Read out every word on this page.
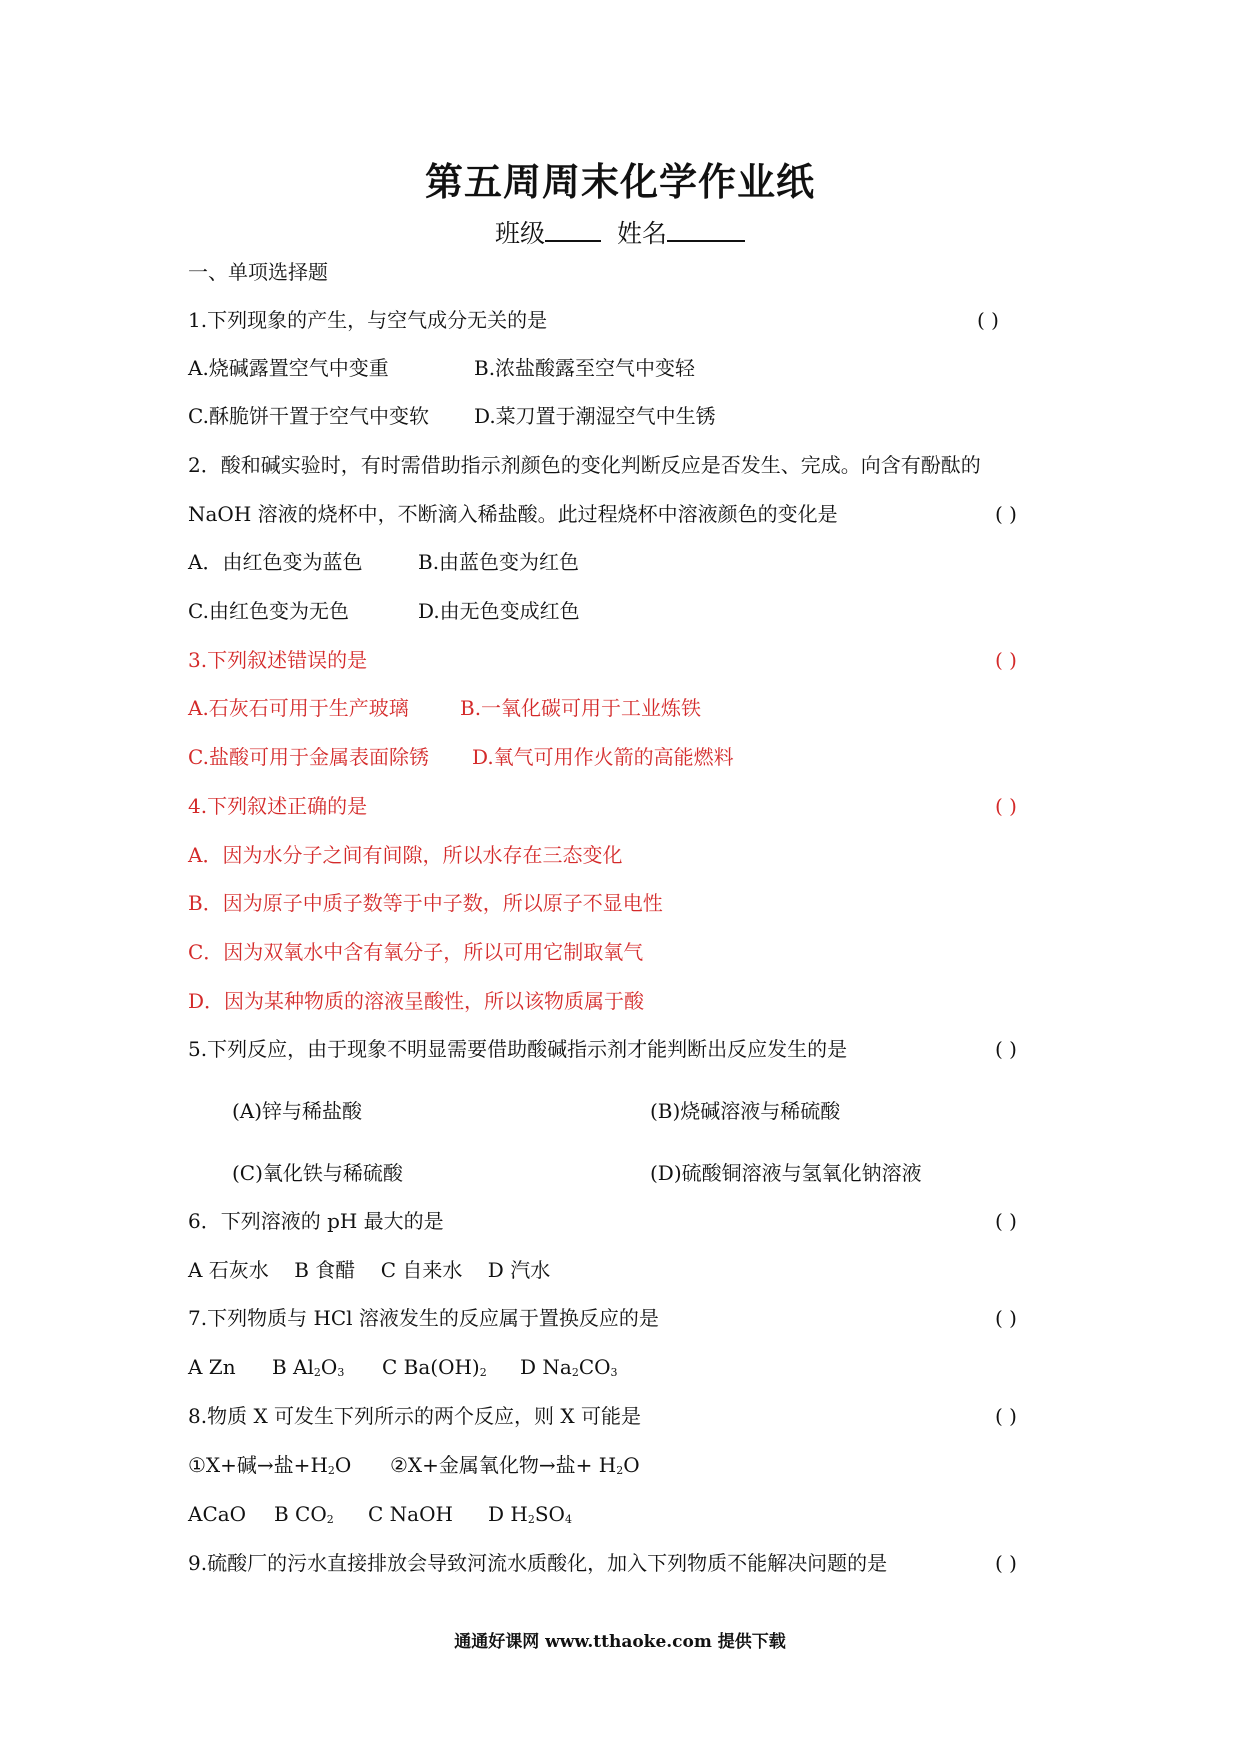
第五周周末化学作业纸
班级	姓名
一、单项选择题
1.下列现象的产生，与空气成分无关的是	( )
A.烧碱露置空气中变重	B.浓盐酸露至空气中变轻
C.酥脆饼干置于空气中变软 D.菜刀置于潮湿空气中生锈
2．酸和碱实验时，有时需借助指示剂颜色的变化判断反应是否发生、完成。向含有酚酞的
NaOH 溶液的烧杯中，不断滴入稀盐酸。此过程烧杯中溶液颜色的变化是	( )
A．由红色变为蓝色	B.由蓝色变为红色
C.由红色变为无色	D.由无色变成红色
3.下列叙述错误的是	( )
A.石灰石可用于生产玻璃	B.一氧化碳可用于工业炼铁
C.盐酸可用于金属表面除锈 D.氧气可用作火箭的高能燃料
4.下列叙述正确的是	( )
A．因为水分子之间有间隙，所以水存在三态变化
B．因为原子中质子数等于中子数，所以原子不显电性
C．因为双氧水中含有氧分子，所以可用它制取氧气
D．因为某种物质的溶液呈酸性，所以该物质属于酸
5.下列反应，由于现象不明显需要借助酸碱指示剂才能判断出反应发生的是	( )
(A)锌与稀盐酸	(B)烧碱溶液与稀硫酸
(C)氧化铁与稀硫酸	(D)硫酸铜溶液与氢氧化钠溶液
6．下列溶液的 pH 最大的是	( )
A 石灰水    B 食醋    C 自来水    D 汽水
7.下列物质与 HCl 溶液发生的反应属于置换反应的是	( )
A Zn B $Al_2O_3$ C $Ba(OH)_2$ D $Na_2CO_3$
8.物质 X 可发生下列所示的两个反应，则 X 可能是	( )
①X+碱→盐$+H_2O$ ②X+金属氧化物→盐+ $H_2O$
ACaO B $CO_2$ C NaOH D $H_2SO_4$
9.硫酸厂的污水直接排放会导致河流水质酸化，加入下列物质不能解决问题的是	( )
通通好课网 www.tthaoke.com 提供下载
